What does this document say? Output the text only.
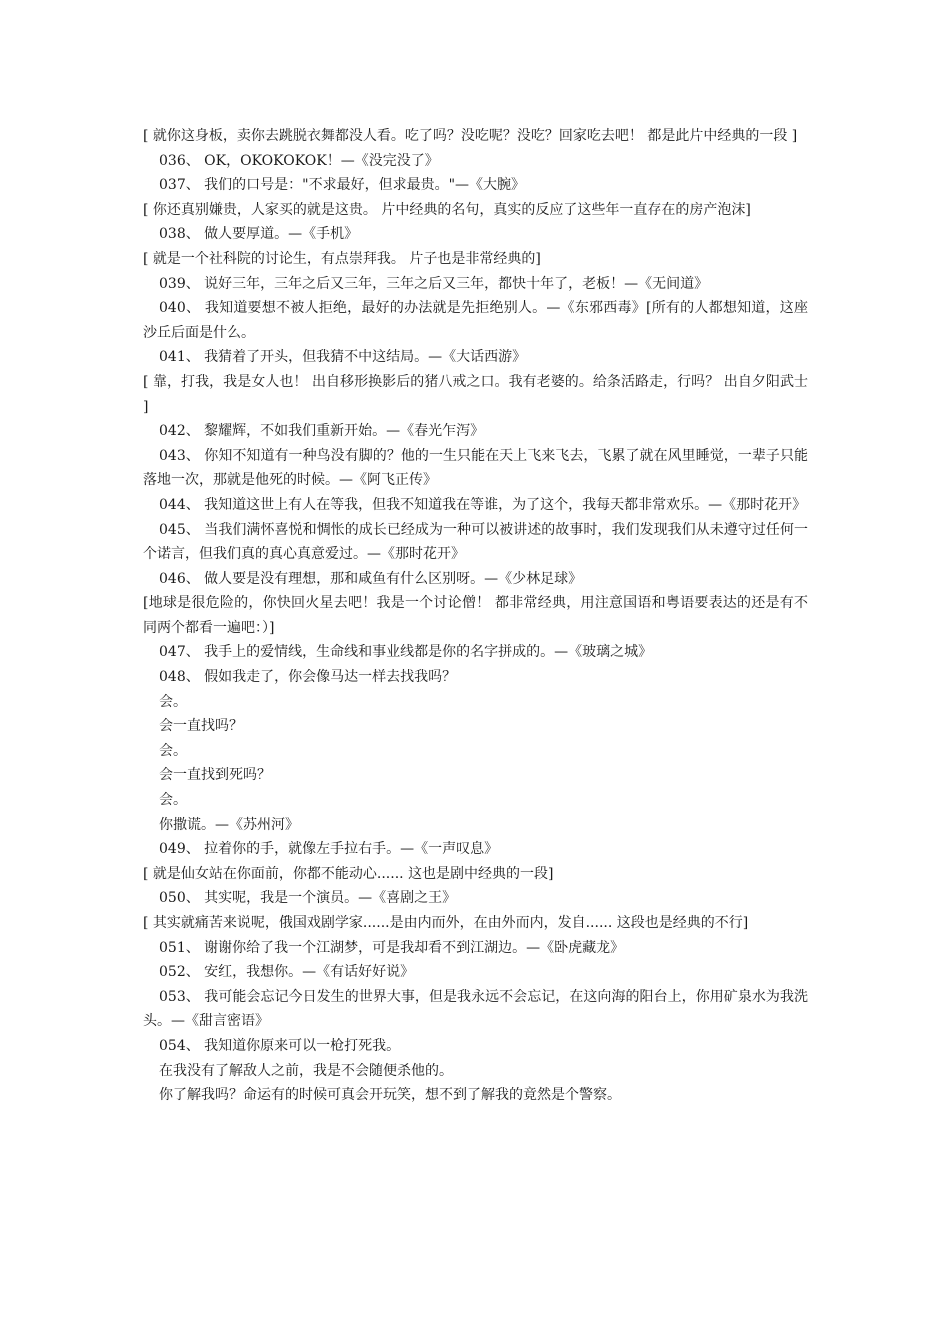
[ 就你这身板，卖你去跳脱衣舞都没人看。吃了吗？没吃呢？没吃？回家吃去吧！ 都是此片中经典的一段 ]

036、 OK，OKOKOKOK！—《没完没了》

037、 我们的口号是："不求最好，但求最贵。"—《大腕》

[ 你还真别嫌贵，人家买的就是这贵。 片中经典的名句，真实的反应了这些年一直存在的房产泡沫]

038、 做人要厚道。—《手机》

[ 就是一个社科院的讨论生，有点崇拜我。 片子也是非常经典的]

039、 说好三年，三年之后又三年，三年之后又三年，都快十年了，老板！—《无间道》

040、 我知道要想不被人拒绝，最好的办法就是先拒绝别人。—《东邪西毒》[所有的人都想知道，这座沙丘后面是什么。

041、 我猜着了开头，但我猜不中这结局。—《大话西游》

[ 靠，打我，我是女人也！ 出自移形换影后的猪八戒之口。我有老婆的。给条活路走，行吗？ 出自夕阳武士 ]

042、 黎耀辉，不如我们重新开始。—《春光乍泻》

043、 你知不知道有一种鸟没有脚的？他的一生只能在天上飞来飞去，飞累了就在风里睡觉，一辈子只能落地一次，那就是他死的时候。—《阿飞正传》

044、 我知道这世上有人在等我，但我不知道我在等谁，为了这个，我每天都非常欢乐。—《那时花开》

045、 当我们满怀喜悦和惆怅的成长已经成为一种可以被讲述的故事时，我们发现我们从未遵守过任何一个诺言，但我们真的真心真意爱过。—《那时花开》

046、 做人要是没有理想，那和咸鱼有什么区别呀。—《少林足球》

[地球是很危险的，你快回火星去吧！我是一个讨论僧！ 都非常经典，用注意国语和粤语要表达的还是有不同两个都看一遍吧：）]

047、 我手上的爱情线，生命线和事业线都是你的名字拼成的。—《玻璃之城》

048、 假如我走了，你会像马达一样去找我吗？

会。

会一直找吗？

会。

会一直找到死吗？

会。

你撒谎。—《苏州河》

049、 拉着你的手，就像左手拉右手。—《一声叹息》

[ 就是仙女站在你面前，你都不能动心...... 这也是剧中经典的一段]

050、 其实呢，我是一个演员。—《喜剧之王》

[ 其实就痛苦来说呢，俄国戏剧学家......是由内而外，在由外而内，发自...... 这段也是经典的不行]

051、 谢谢你给了我一个江湖梦，可是我却看不到江湖边。—《卧虎藏龙》

052、 安红，我想你。—《有话好好说》

053、 我可能会忘记今日发生的世界大事，但是我永远不会忘记，在这向海的阳台上，你用矿泉水为我洗头。—《甜言密语》

054、 我知道你原来可以一枪打死我。

在我没有了解敌人之前，我是不会随便杀他的。

你了解我吗？命运有的时候可真会开玩笑，想不到了解我的竟然是个警察。
